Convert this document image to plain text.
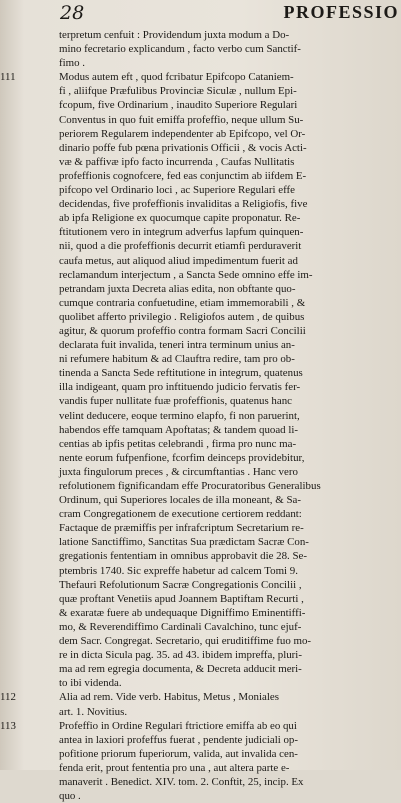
28	PROFESSIO
terpretum cenfuit : Providendum juxta modum a Do-
mino fecretario explicandum , facto verbo cum Sanctif-
fimo .
111	Modus autem eft , quod fcribatur Epifcopo Cataniem-
fi , aliifque Præfulibus Provinciæ Siculæ , nullum Epi-
fcopum, five Ordinarium , inaudito Superiore Regulari
Conventus in quo fuit emiffa profeffio, neque ullum Su-
periorem Regularem independenter ab Epifcopo, vel Or-
dinario poffe fub pœna privationis Officii , & vocis Acti-
væ & paffivæ ipfo facto incurrenda , Caufas Nullitatis
profeffionis cognofcere, fed eas conjunctim ab iifdem E-
pifcopo vel Ordinario loci , ac Superiore Regulari effe
decidendas, five profeffionis invaliditas a Religiofis, five
ab ipfa Religione ex quocumque capite proponatur. Re-
ftitutionem vero in integrum adverfus lapfum quinquen-
nii, quod a die profeffionis decurrit etiamfi perduraverit
caufa metus, aut aliquod aliud impedimentum fuerit ad
reclamandum interjectum , a Sancta Sede omnino effe im-
petrandam juxta Decreta alias edita, non obftante quo-
cumque contraria confuetudine, etiam immemorabili , &
quolibet afferto privilegio . Religiofos autem , de quibus
agitur, & quorum profeffio contra formam Sacri Concilii
declarata fuit invalida, teneri intra terminum unius an-
ni refumere habitum & ad Clauftra redire, tam pro ob-
tinenda a Sancta Sede reftitutione in integrum, quatenus
illa indigeant, quam pro inftituendo judicio fervatis fer-
vandis fuper nullitate fuæ profeffionis, quatenus hanc
velint deducere, eoque termino elapfo, fi non paruerint,
habendos effe tamquam Apoftatas; & tandem quoad li-
centias ab ipfis petitas celebrandi , firma pro nunc ma-
nente eorum fufpenfione, fcorfim deinceps providebitur,
juxta fingulorum preces , & circumftantias . Hanc vero
refolutionem fignificandam effe Procuratoribus Generalibus
Ordinum, qui Superiores locales de illa moneant, & Sa-
cram Congregationem de executione certiorem reddant:
Factaque de præmiffis per infrafcriptum Secretarium re-
latione Sanctiffimo, Sanctitas Sua prædictam Sacræ Con-
gregationis fententiam in omnibus approbavit die 28. Se-
ptembris 1740. Sic expreffe habetur ad calcem Tomi 9.
Thefauri Refolutionum Sacræ Congregationis Concilii ,
quæ proftant Venetiis apud Joannem Baptiftam Recurti ,
& exaratæ fuere ab undequaque Digniffimo Eminentiffi-
mo, & Reverendiffimo Cardinali Cavalchino, tunc ejuf-
dem Sacr. Congregat. Secretario, qui eruditiffime fuo mo-
re in dicta Sicula pag. 35. ad 43. ibidem impreffa, pluri-
ma ad rem egregia documenta, & Decreta adducit meri-
to ibi videnda.
112	Alia ad rem. Vide verb. Habitus, Metus , Moniales
art. 1. Novitius.
113	Profeffio in Ordine Regulari ftrictiore emiffa ab eo qui
antea in laxiori profeffus fuerat , pendente judiciali op-
pofitione priorum fuperiorum, valida, aut invalida cen-
fenda erit, prout fententia pro una , aut altera parte e-
manaverit . Benedict. XIV. tom. 2. Conftit, 25, incip. Ex
quo .
